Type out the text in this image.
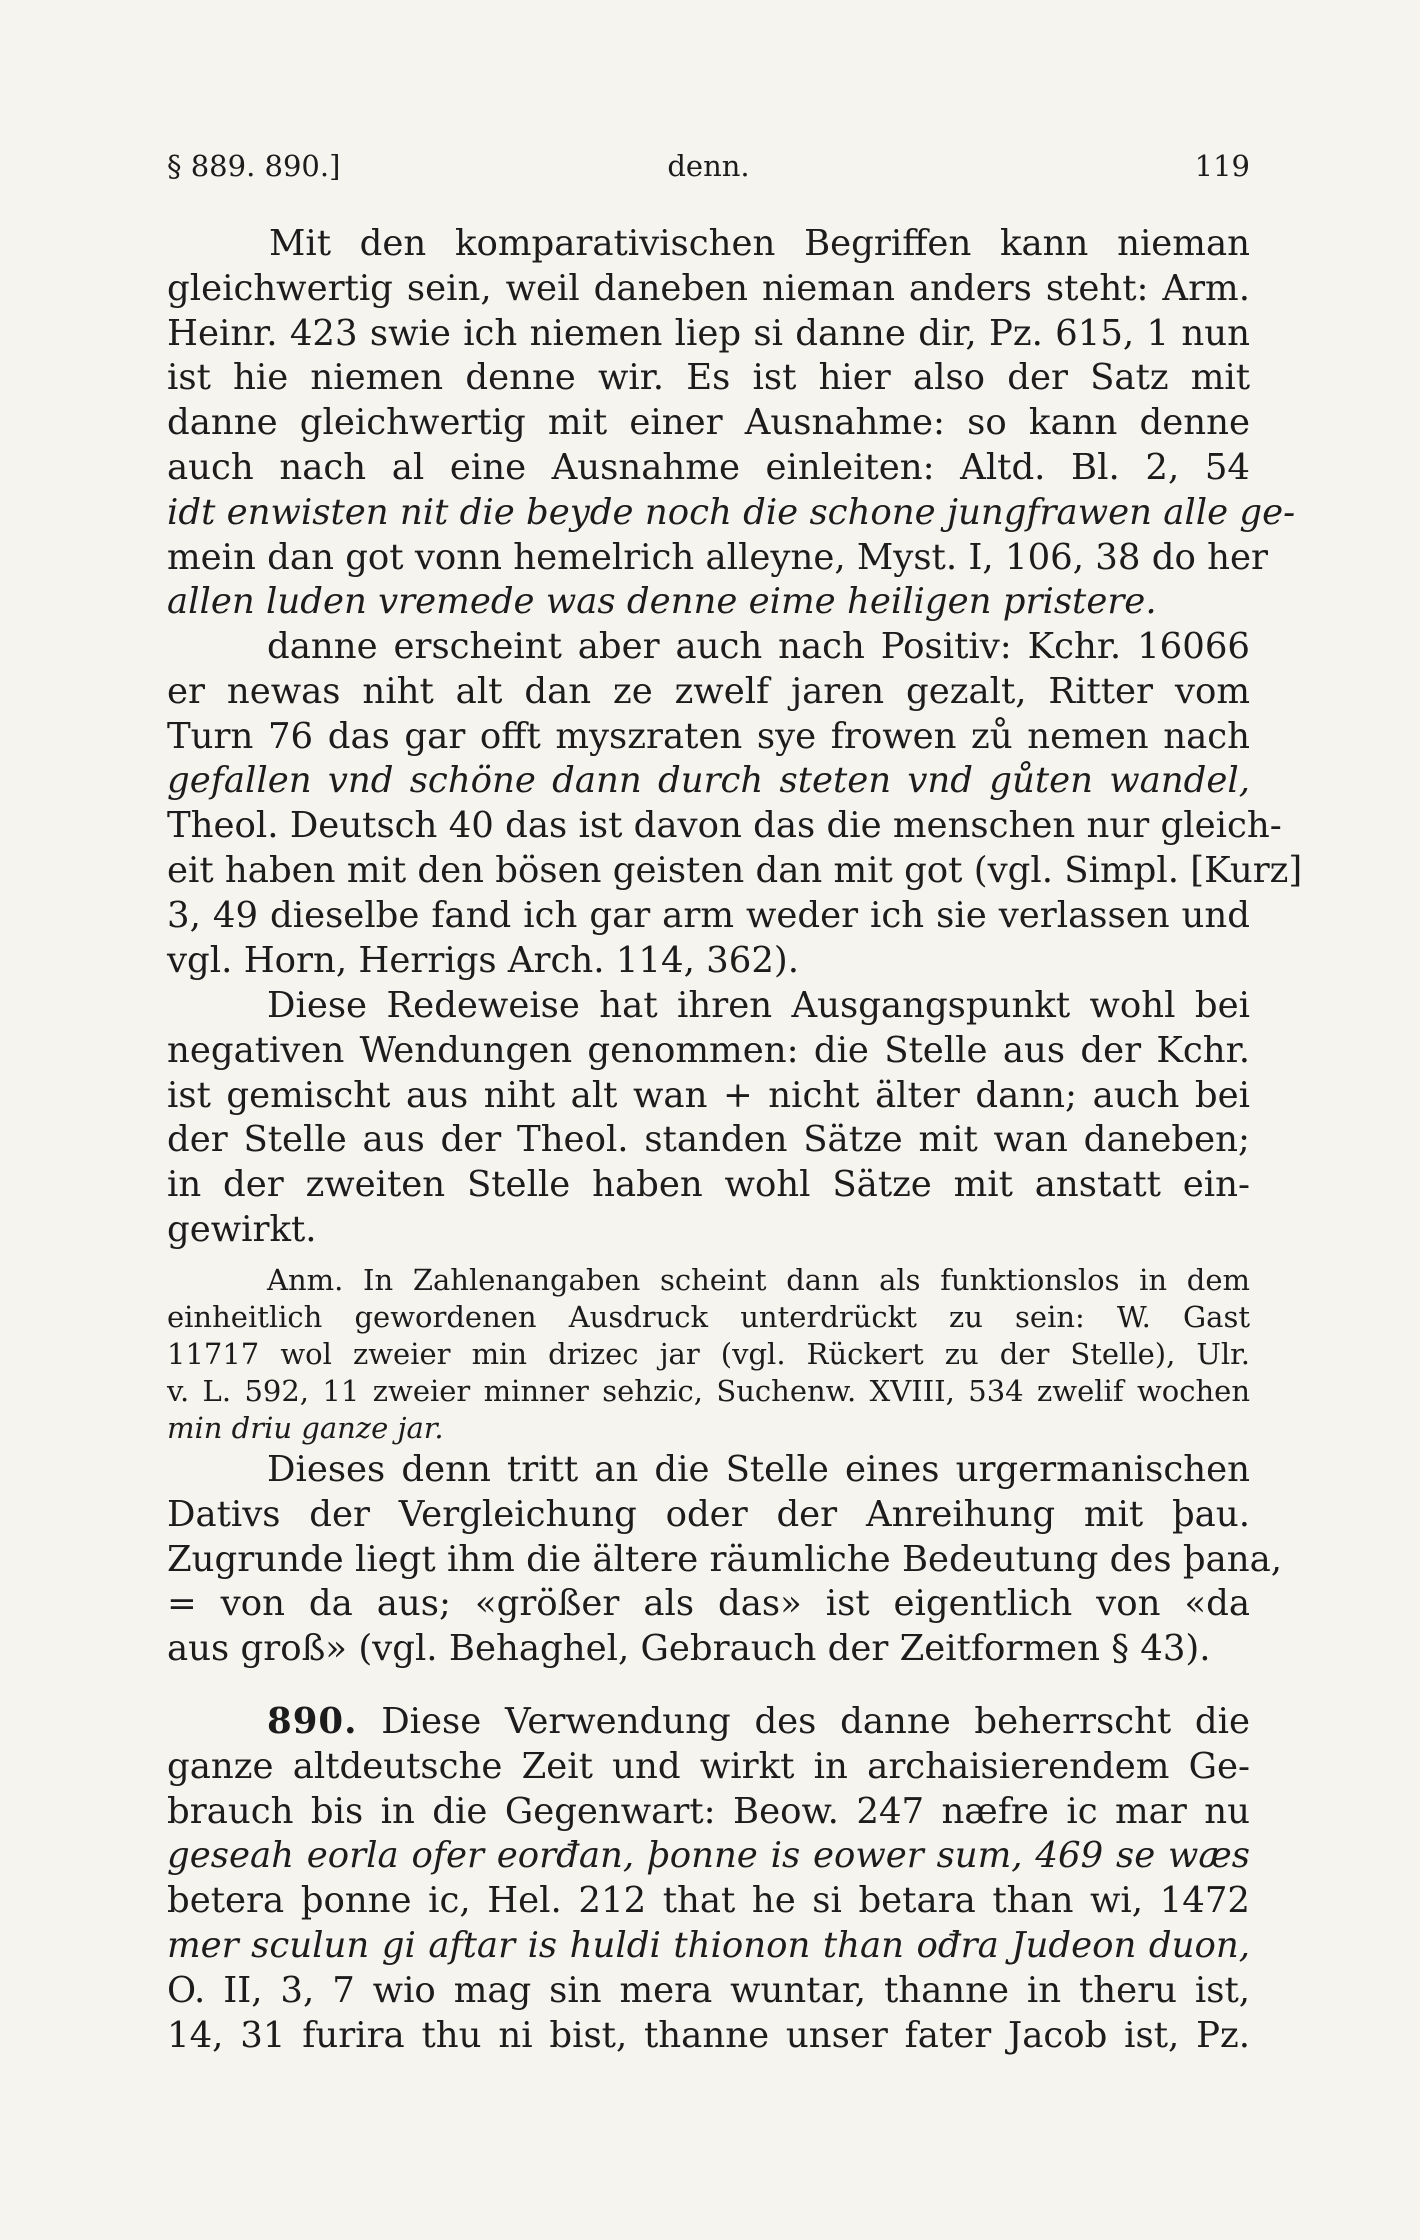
§ 889. 890.]	denn.	119
Mit den komparativischen Begriffen kann nieman
gleichwertig sein, weil daneben nieman anders steht: Arm.
Heinr. 423 swie ich niemen liep si danne dir, Pz. 615, 1 nun
ist hie niemen denne wir. Es ist hier also der Satz mit
danne gleichwertig mit einer Ausnahme: so kann denne
auch nach al eine Ausnahme einleiten: Altd. Bl. 2, 54
idt enwisten nit die beyde noch die schone jungfrawen alle ge-
mein dan got vonn hemelrich alleyne, Myst. I, 106, 38 do her
allen luden vremede was denne eime heiligen pristere.
danne erscheint aber auch nach Positiv: Kchr. 16066
er newas niht alt dan ze zwelf jaren gezalt, Ritter vom
Turn 76 das gar offt myszraten sye frowen zů nemen nach
gefallen vnd schöne dann durch steten vnd gůten wandel,
Theol. Deutsch 40 das ist davon das die menschen nur gleich-
eit haben mit den bösen geisten dan mit got (vgl. Simpl. [Kurz]
3, 49 dieselbe fand ich gar arm weder ich sie verlassen und
vgl. Horn, Herrigs Arch. 114, 362).
Diese Redeweise hat ihren Ausgangspunkt wohl bei
negativen Wendungen genommen: die Stelle aus der Kchr.
ist gemischt aus niht alt wan + nicht älter dann; auch bei
der Stelle aus der Theol. standen Sätze mit wan daneben;
in der zweiten Stelle haben wohl Sätze mit anstatt ein-
gewirkt.
Anm. In Zahlenangaben scheint dann als funktionslos in dem
einheitlich gewordenen Ausdruck unterdrückt zu sein: W. Gast
11717 wol zweier min drizec jar (vgl. Rückert zu der Stelle), Ulr.
v. L. 592, 11 zweier minner sehzic, Suchenw. XVIII, 534 zwelif wochen
min driu ganze jar.
Dieses denn tritt an die Stelle eines urgermanischen
Dativs der Vergleichung oder der Anreihung mit þau.
Zugrunde liegt ihm die ältere räumliche Bedeutung des þana,
= von da aus; «größer als das» ist eigentlich von «da
aus groß» (vgl. Behaghel, Gebrauch der Zeitformen § 43).
890. Diese Verwendung des danne beherrscht die
ganze altdeutsche Zeit und wirkt in archaisierendem Ge-
brauch bis in die Gegenwart: Beow. 247 næfre ic mar nu
geseah eorla ofer eorđan, þonne is eower sum, 469 se wæs
betera þonne ic, Hel. 212 that he si betara than wi, 1472
mer sculun gi aftar is huldi thionon than ođra Judeon duon,
O. II, 3, 7 wio mag sin mera wuntar, thanne in theru ist,
14, 31 furira thu ni bist, thanne unser fater Jacob ist, Pz.
